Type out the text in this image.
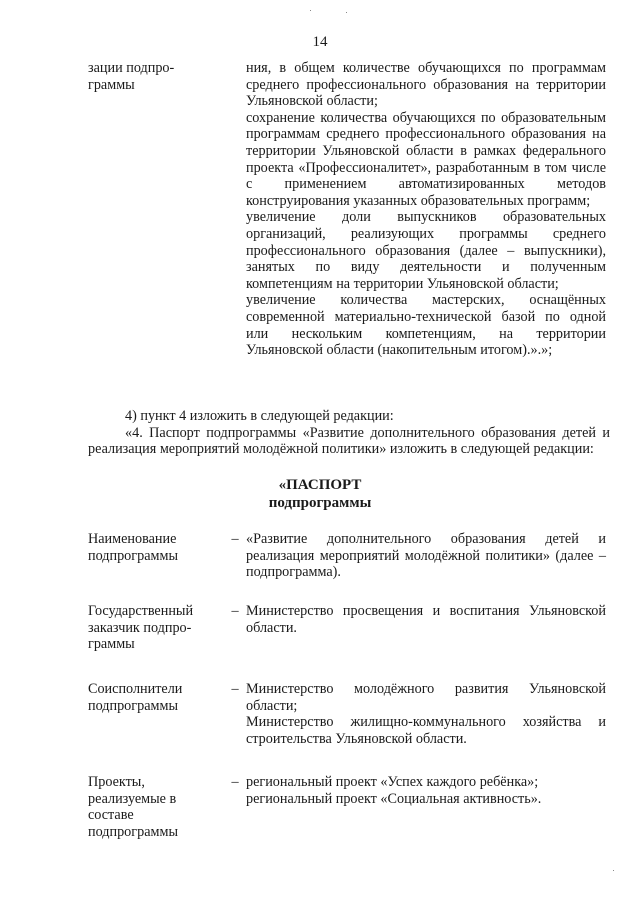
14
зации подпро-
граммы

ния, в общем количестве обучающихся по программам среднего профессионального образования на территории Ульяновской области;

сохранение количества обучающихся по образовательным программам среднего профессионального образования на территории Ульяновской области в рамках федерального проекта «Профессионалитет», разработанным в том числе с применением автоматизированных методов конструирования указанных образовательных программ;

увеличение доли выпускников образовательных организаций, реализующих программы среднего профессионального образования (далее – выпускники), занятых по виду деятельности и полученным компетенциям на территории Ульяновской области;

увеличение количества мастерских, оснащённых современной материально-технической базой по одной или нескольким компетенциям, на территории Ульяновской области (накопительным итогом).».»;

4) пункт 4 изложить в следующей редакции:

«4. Паспорт подпрограммы «Развитие дополнительного образования детей и реализация мероприятий молодёжной политики» изложить в следующей редакции:

«ПАСПОРТ
подпрограммы
Наименование подпрограммы
– «Развитие дополнительного образования детей и реализация мероприятий молодёжной политики» (далее – подпрограмма).

Государственный заказчик подпро-граммы
– Министерство просвещения и воспитания Ульяновской области.

Соисполнители подпрограммы
– Министерство молодёжного развития Ульяновской области;

Министерство жилищно-коммунального хозяйства и строительства Ульяновской области.

Проекты, реализуемые в составе подпрограммы
– региональный проект «Успех каждого ребёнка»;

региональный проект «Социальная активность».
